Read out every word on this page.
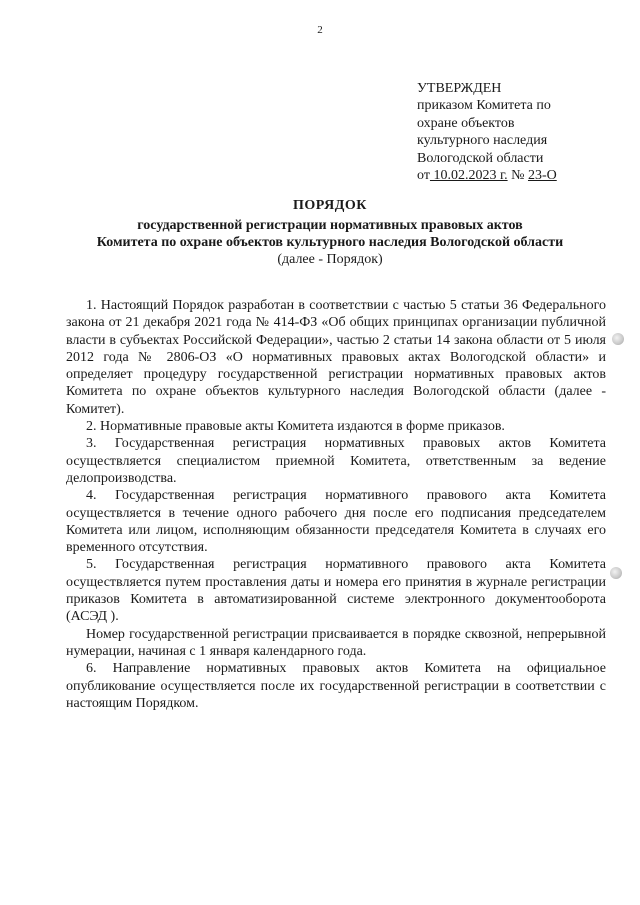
2
УТВЕРЖДЕН
приказом Комитета по
охране объектов
культурного наследия
Вологодской области
от 10.02.2023 г. № 23-О
ПОРЯДОК
государственной регистрации нормативных правовых актов
Комитета по охране объектов культурного наследия Вологодской области
(далее - Порядок)

1. Настоящий Порядок разработан в соответствии с частью 5 статьи 36 Федерального закона от 21 декабря 2021 года № 414-ФЗ «Об общих принципах организации публичной власти в субъектах Российской Федерации», частью 2 статьи 14 закона области от 5 июля 2012 года № 2806-ОЗ «О нормативных правовых актах Вологодской области» и определяет процедуру государственной регистрации нормативных правовых актов Комитета по охране объектов культурного наследия Вологодской области (далее - Комитет).

2. Нормативные правовые акты Комитета издаются в форме приказов.

3. Государственная регистрация нормативных правовых актов Комитета осуществляется специалистом приемной Комитета, ответственным за ведение делопроизводства.

4. Государственная регистрация нормативного правового акта Комитета осуществляется в течение одного рабочего дня после его подписания председателем Комитета или лицом, исполняющим обязанности председателя Комитета в случаях его временного отсутствия.

5. Государственная регистрация нормативного правового акта Комитета осуществляется путем проставления даты и номера его принятия в журнале регистрации приказов Комитета в автоматизированной системе электронного документооборота (АСЭД ).

Номер государственной регистрации присваивается в порядке сквозной, непрерывной нумерации, начиная с 1 января календарного года.

6. Направление нормативных правовых актов Комитета на официальное опубликование осуществляется после их государственной регистрации в соответствии с настоящим Порядком.
